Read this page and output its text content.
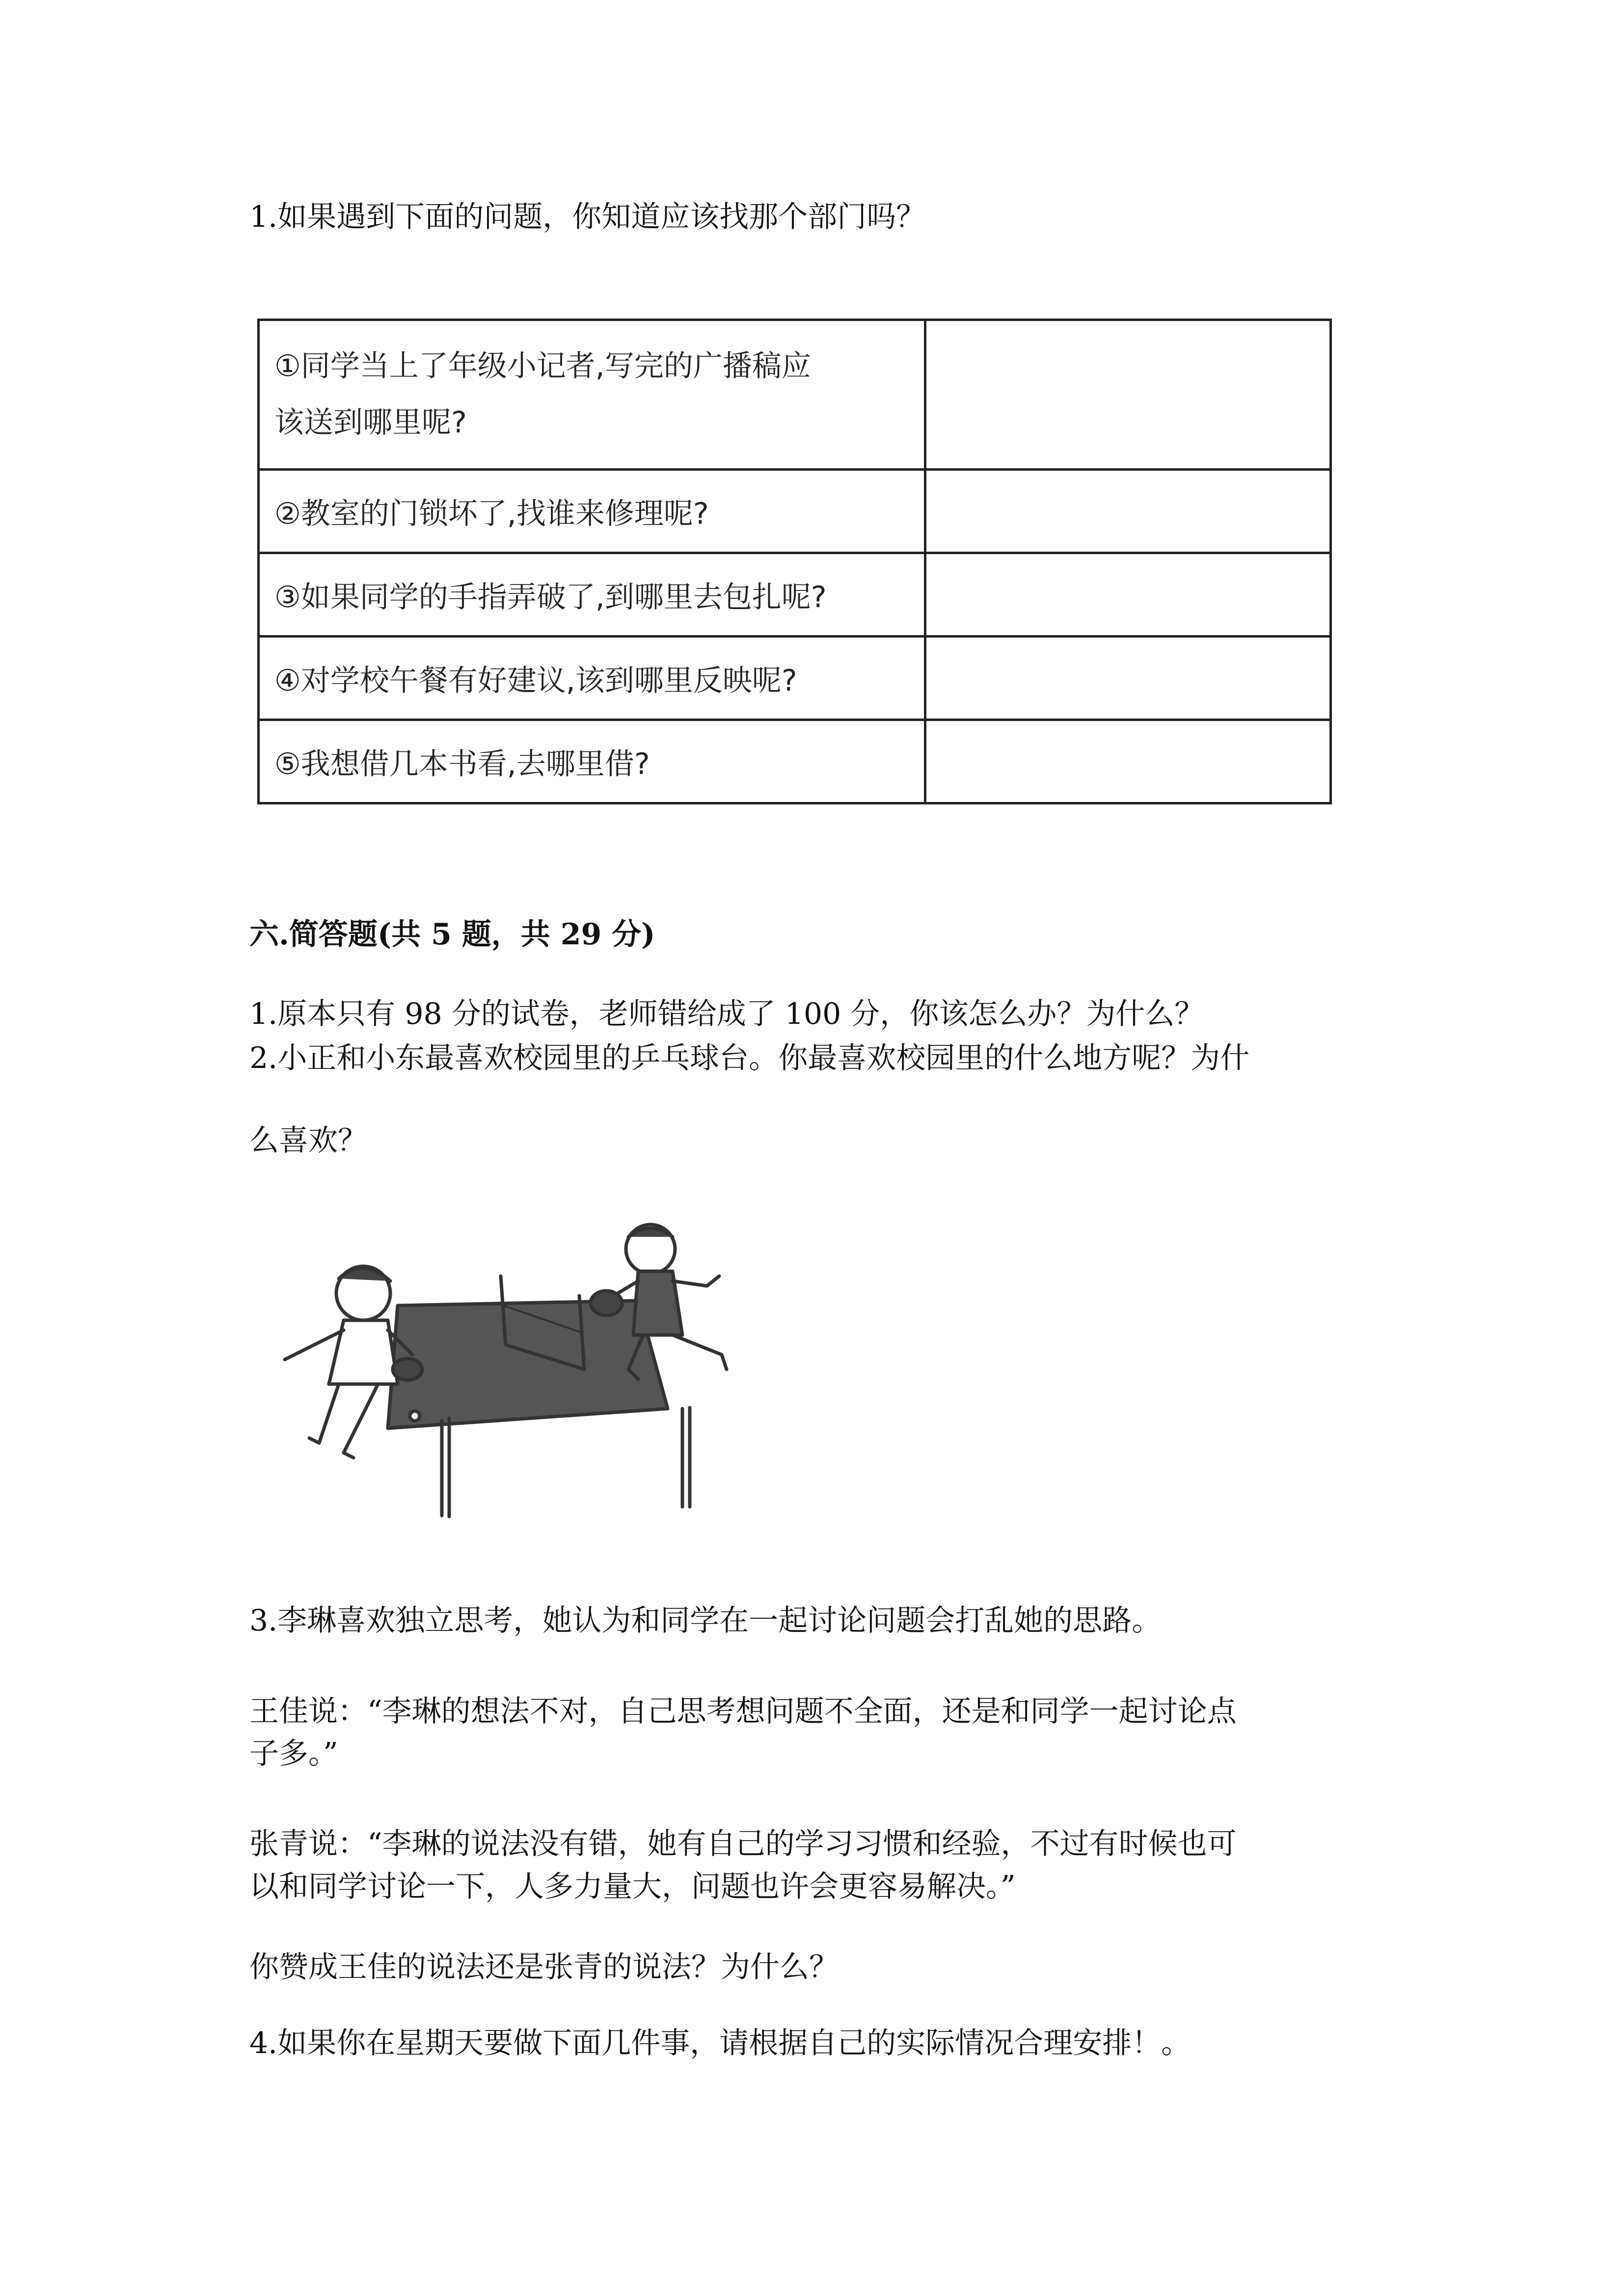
1.如果遇到下面的问题，你知道应该找那个部门吗？
①同学当上了年级小记者,写完的广播稿应
该送到哪里呢?	

②教室的门锁坏了,找谁来修理呢?	
③如果同学的手指弄破了,到哪里去包扎呢?	
④对学校午餐有好建议,该到哪里反映呢?	
⑤我想借几本书看,去哪里借?	
六.简答题(共 5 题，共 29 分)
1.原本只有 98 分的试卷，老师错给成了 100 分，你该怎么办？为什么？
2.小正和小东最喜欢校园里的乒乓球台。你最喜欢校园里的什么地方呢？为什
么喜欢？
3.李琳喜欢独立思考，她认为和同学在一起讨论问题会打乱她的思路。
王佳说：“李琳的想法不对，自己思考想问题不全面，还是和同学一起讨论点
子多。”
张青说：“李琳的说法没有错，她有自己的学习习惯和经验，不过有时候也可
以和同学讨论一下，人多力量大，问题也许会更容易解决。”
你赞成王佳的说法还是张青的说法？为什么？
4.如果你在星期天要做下面几件事，请根据自己的实际情况合理安排！。
